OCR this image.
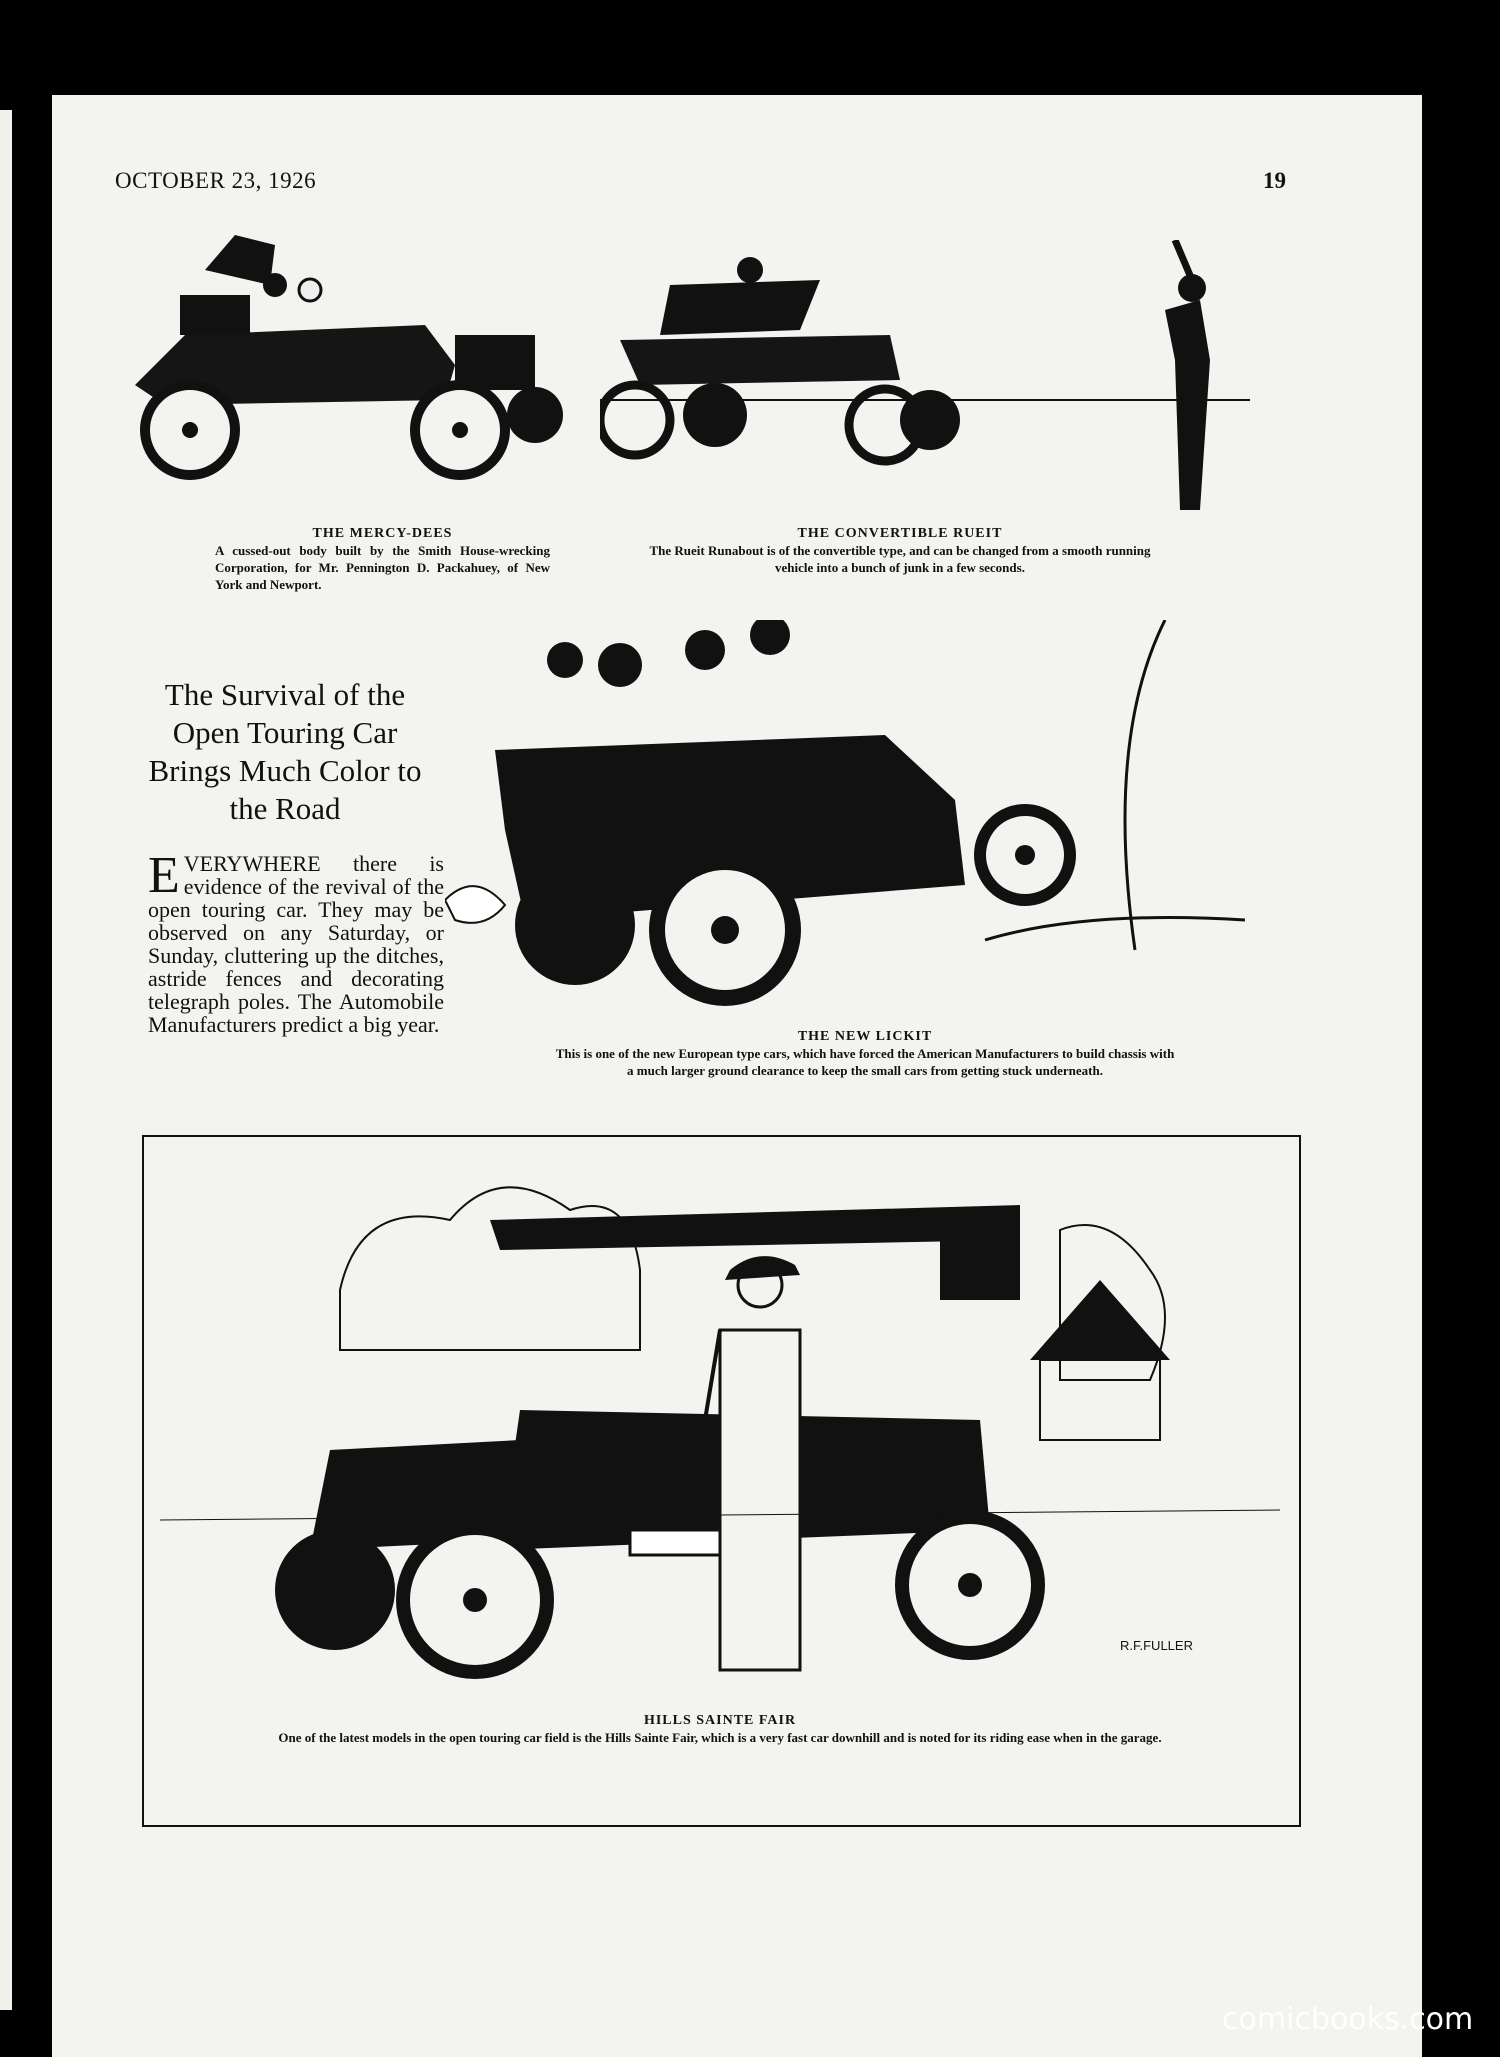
OCTOBER 23, 1926	19
THE MERCY-DEES
A cussed-out body built by the Smith House-wrecking Corporation, for Mr. Pennington D. Packahuey, of New York and Newport.
THE CONVERTIBLE RUEIT
The Rueit Runabout is of the convertible type, and can be changed from a smooth running vehicle into a bunch of junk in a few seconds.
The Survival of the Open Touring Car Brings Much Color to the Road
EVERYWHERE there is evidence of the revival of the open touring car. They may be observed on any Saturday, or Sunday, cluttering up the ditches, astride fences and decorating telegraph poles. The Automobile Manufacturers predict a big year.	THE NEW LICKIT
This is one of the new European type cars, which have forced the American Manufacturers to build chassis with a much larger ground clearance to keep the small cars from getting stuck underneath.
R.F.FULLER
HILLS SAINTE FAIR
One of the latest models in the open touring car field is the Hills Sainte Fair, which is a very fast car downhill and is noted for its riding ease when in the garage.
comicbooks.com
